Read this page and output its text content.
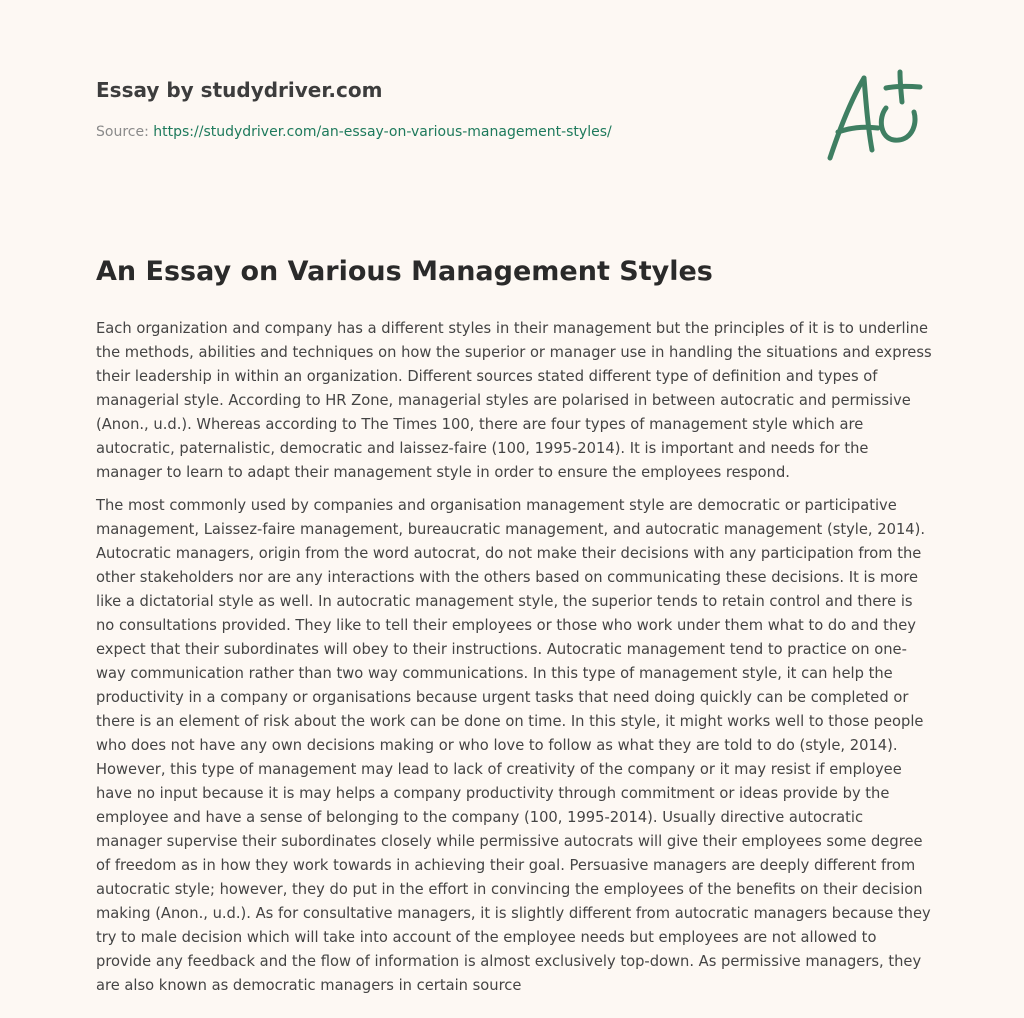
Essay by studydriver.com
Source: https://studydriver.com/an-essay-on-various-management-styles/
An Essay on Various Management Styles

Each organization and company has a different styles in their management but the principles of it is to underline the methods, abilities and techniques on how the superior or manager use in handling the situations and express their leadership in within an organization. Different sources stated different type of definition and types of managerial style. According to HR Zone, managerial styles are polarised in between autocratic and permissive (Anon., u.d.). Whereas according to The Times 100, there are four types of management style which are autocratic, paternalistic, democratic and laissez-faire (100, 1995-2014). It is important and needs for the manager to learn to adapt their management style in order to ensure the employees respond.

The most commonly used by companies and organisation management style are democratic or participative management, Laissez-faire management, bureaucratic management, and autocratic management (style, 2014). Autocratic managers, origin from the word autocrat, do not make their decisions with any participation from the other stakeholders nor are any interactions with the others based on communicating these decisions. It is more like a dictatorial style as well. In autocratic management style, the superior tends to retain control and there is no consultations provided. They like to tell their employees or those who work under them what to do and they expect that their subordinates will obey to their instructions. Autocratic management tend to practice on one-way communication rather than two way communications. In this type of management style, it can help the productivity in a company or organisations because urgent tasks that need doing quickly can be completed or there is an element of risk about the work can be done on time. In this style, it might works well to those people who does not have any own decisions making or who love to follow as what they are told to do (style, 2014). However, this type of management may lead to lack of creativity of the company or it may resist if employee have no input because it is may helps a company productivity through commitment or ideas provide by the employee and have a sense of belonging to the company (100, 1995-2014). Usually directive autocratic manager supervise their subordinates closely while permissive autocrats will give their employees some degree of freedom as in how they work towards in achieving their goal. Persuasive managers are deeply different from autocratic style; however, they do put in the effort in convincing the employees of the benefits on their decision making (Anon., u.d.). As for consultative managers, it is slightly different from autocratic managers because they try to male decision which will take into account of the employee needs but employees are not allowed to provide any feedback and the flow of information is almost exclusively top-down. As permissive managers, they are also known as democratic managers in certain source
